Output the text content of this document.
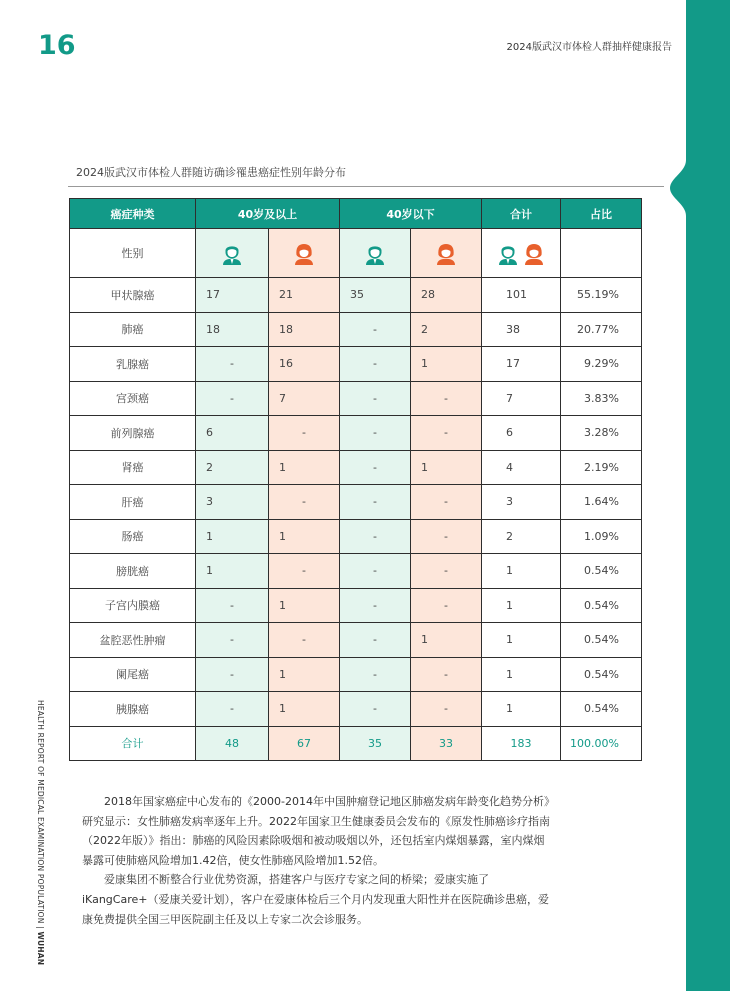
16	2024版武汉市体检人群抽样健康报告
2024版武汉市体检人群随访确诊罹患癌症性别年龄分布
癌症种类	40岁及以上		40岁以下		合计	占比
性别						
甲状腺癌	17	21	35	28	101	55.19%
肺癌	18	18	-	2	38	20.77%
乳腺癌	-	16	-	1	17	9.29%
宫颈癌	-	7	-	-	7	3.83%
前列腺癌	6	-	-	-	6	3.28%
肾癌	2	1	-	1	4	2.19%
肝癌	3	-	-	-	3	1.64%
肠癌	1	1	-	-	2	1.09%
膀胱癌	1	-	-	-	1	0.54%
子宫内膜癌	-	1	-	-	1	0.54%
盆腔恶性肿瘤	-	-	-	1	1	0.54%
阑尾癌	-	1	-	-	1	0.54%
胰腺癌	-	1	-	-	1	0.54%
合计	48	67	35	33	183	100.00%
HEALTH REPORT OF MEDICAL EXAMINATION POPULATION | WUHAN

2018年国家癌症中心发布的《2000-2014年中国肿瘤登记地区肺癌发病年龄变化趋势分析》研究显示：女性肺癌发病率逐年上升。2022年国家卫生健康委员会发布的《原发性肺癌诊疗指南（2022年版）》指出：肺癌的风险因素除吸烟和被动吸烟以外，还包括室内煤烟暴露，室内煤烟暴露可使肺癌风险增加1.42倍，使女性肺癌风险增加1.52倍。

爱康集团不断整合行业优势资源，搭建客户与医疗专家之间的桥梁；爱康实施了iKangCare+（爱康关爱计划），客户在爱康体检后三个月内发现重大阳性并在医院确诊患癌，爱康免费提供全国三甲医院副主任及以上专家二次会诊服务。
